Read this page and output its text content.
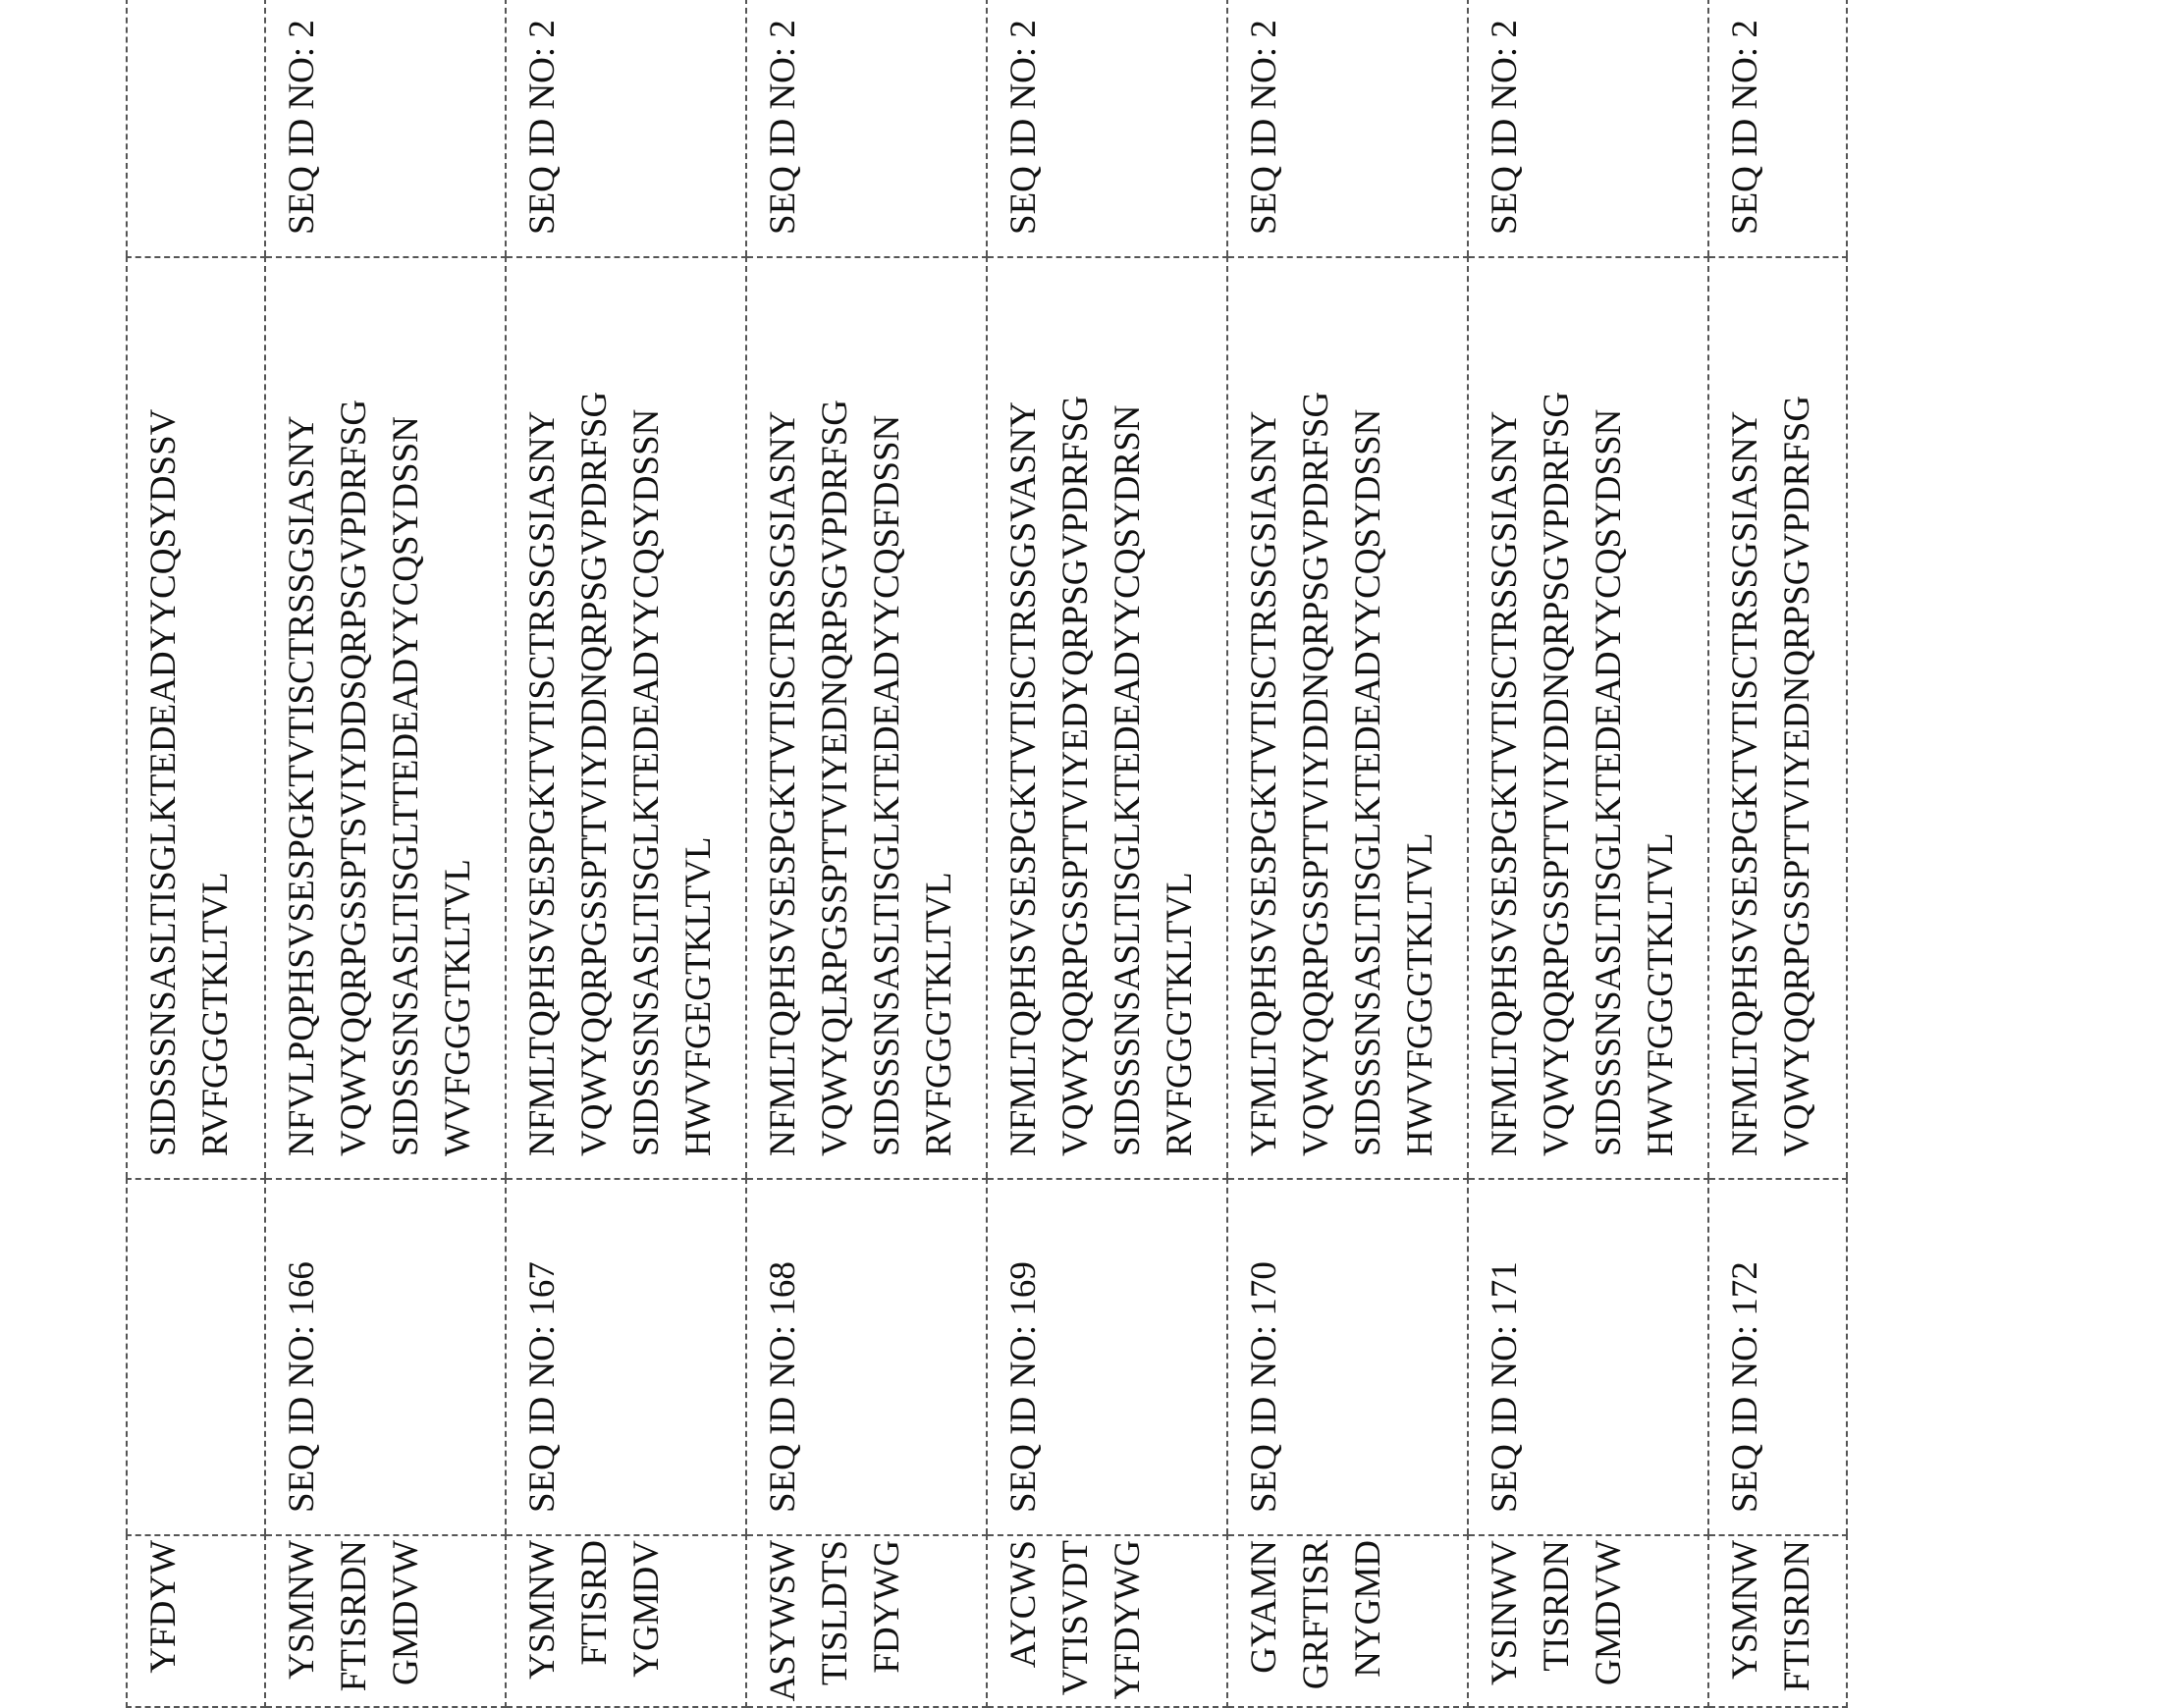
YFDYW

SIDSSSNSASLTISGLKTEDEADYYCQSYDSSV RVFGGGTKLTVL

YSMNW FTISRDN GMDVW
	SEQ ID NO: 166	
NFVLPQPHSVSESPGKTVTISCTRSSGSIASNY VQWYQQRPGSSPTSVIYDDSQRPSGVPDRFSG SIDSSSNSASLTISGLTTEDEADYYCQSYDSSN WVFGGGTKLTVL
	SEQ ID NO: 2

YSMNW FTISRD YGMDV
	SEQ ID NO: 167	
NFMLTQPHSVSESPGKTVTISCTRSSGSIASNY VQWYQQRPGSSPTTVIYDDNQRPSGVPDRFSG SIDSSSNSASLTISGLKTEDEADYYCQSYDSSN HWVFGEGTKLTVL
	SEQ ID NO: 2

ASYWSW TISLDTS FDYWG
	SEQ ID NO: 168	
NFMLTQPHSVSESPGKTVTISCTRSSGSIASNY VQWYQLRPGSSPTTVIYEDNQRPSGVPDRFSG SIDSSSNSASLTISGLKTEDEADYYCQSFDSSN RVFGGGTKLTVL
	SEQ ID NO: 2

AYCWS VTISVDT YFDYWG
	SEQ ID NO: 169	
NFMLTQPHSVSESPGKTVTISCTRSSGSVASNY VQWYQQRPGSSPTTVIYEDYQRPSGVPDRFSG SIDSSSNSASLTISGLKTEDEADYYCQSYDRSN RVFGGGTKLTVL
	SEQ ID NO: 2

GYAMN GRFTISR NYGMD
	SEQ ID NO: 170	
YFMLTQPHSVSESPGKTVTISCTRSSGSIASNY VQWYQQRPGSSPTTVIYDDNQRPSGVPDRFSG SIDSSSNSASLTISGLKTEDEADYYCQSYDSSN HWVFGGGTKLTVL
	SEQ ID NO: 2

YSINWV TISRDN GMDVW
	SEQ ID NO: 171	
NFMLTQPHSVSESPGKTVTISCTRSSGSIASNY VQWYQQRPGSSPTTVIYDDNQRPSGVPDRFSG SIDSSSNSASLTISGLKTEDEADYYCQSYDSSN HWVFGGGTKLTVL
	SEQ ID NO: 2

YSMNW FTISRDN
	SEQ ID NO: 172	
NFMLTQPHSVSESPGKTVTISCTRSSGSIASNY VQWYQQRPGSSPTTVIYEDNQRPSGVPDRFSG
	SEQ ID NO: 2
